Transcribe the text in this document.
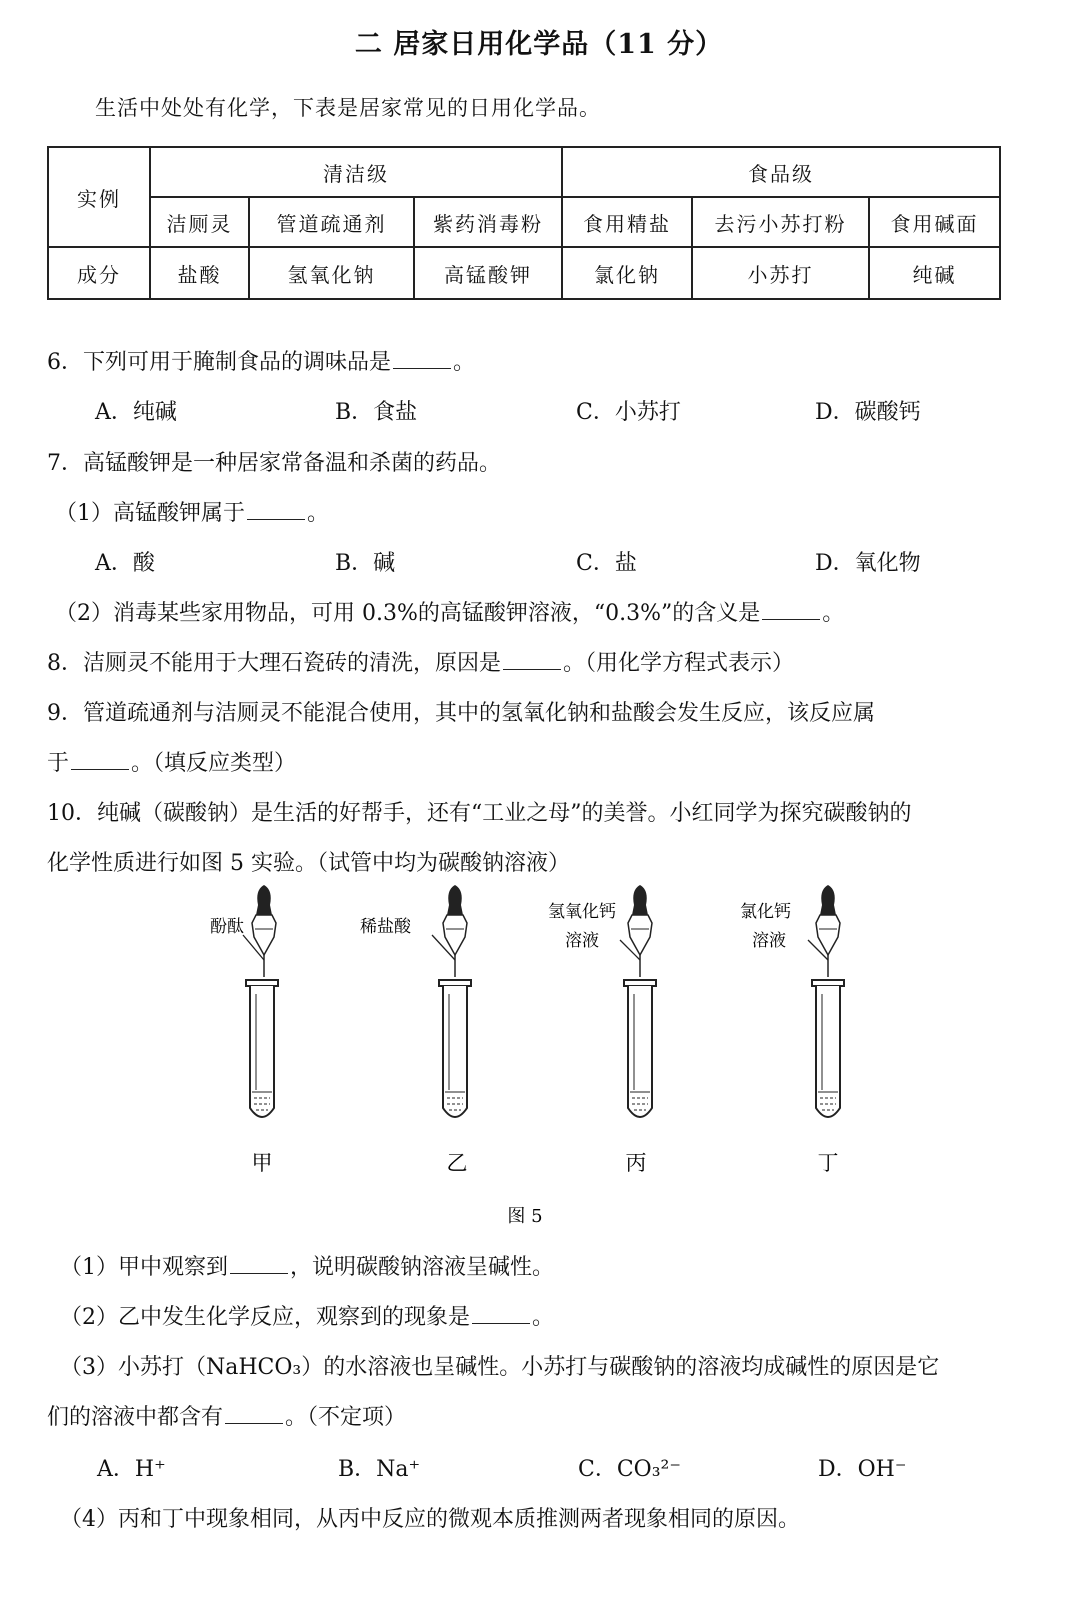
二 居家日用化学品（11 分）
生活中处处有化学，下表是居家常见的日用化学品。
实例	清洁级			食品级		
	洁厕灵	管道疏通剂	紫药消毒粉	食用精盐	去污小苏打粉	食用碱面
成分	盐酸	氢氧化钠	高锰酸钾	氯化钠	小苏打	纯碱
6．下列可用于腌制食品的调味品是	。
A．纯碱	B．食盐	C．小苏打	D．碳酸钙
7．高锰酸钾是一种居家常备温和杀菌的药品。
（1）高锰酸钾属于	。
A．酸	B．碱	C．盐	D．氧化物
（2）消毒某些家用物品，可用 0.3%的高锰酸钾溶液，“0.3%”的含义是	。
8．洁厕灵不能用于大理石瓷砖的清洗，原因是	。（用化学方程式表示）
9．管道疏通剂与洁厕灵不能混合使用，其中的氢氧化钠和盐酸会发生反应，该反应属
于	。（填反应类型）
10．纯碱（碳酸钠）是生活的好帮手，还有“工业之母”的美誉。小红同学为探究碳酸钠的
化学性质进行如图 5 实验。（试管中均为碳酸钠溶液）
酚酞
甲
稀盐酸
乙
氢氧化钙
溶液
丙
氯化钙
溶液
丁
图 5
（1）甲中观察到	，说明碳酸钠溶液呈碱性。
（2）乙中发生化学反应，观察到的现象是	。
（3）小苏打（NaHCO₃）的水溶液也呈碱性。小苏打与碳酸钠的溶液均成碱性的原因是它
们的溶液中都含有	。（不定项）
A．H⁺	B．Na⁺	C．CO₃²⁻	D．OH⁻
（4）丙和丁中现象相同，从丙中反应的微观本质推测两者现象相同的原因。
